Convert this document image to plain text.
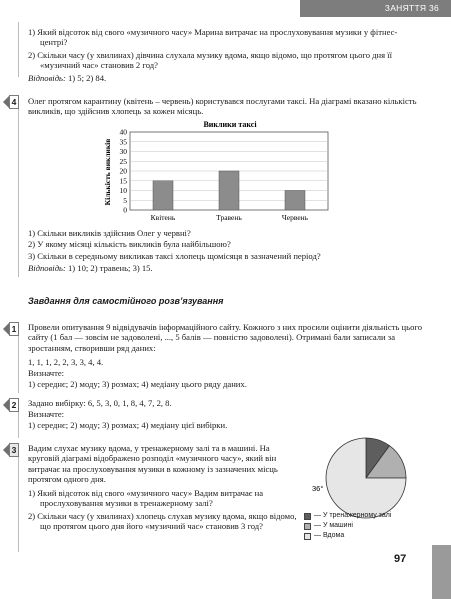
ЗАНЯТТЯ 36
1) Який відсоток від свого «музичного часу» Марина витрачає на прослуховування музики у фітнес-центрі?
2) Скільки часу (у хвилинах) дівчина слухала музику вдома, якщо відомо, що протягом цього дня її «музичний час» становив 2 год?
Відповідь: 1) 5; 2) 84.
4	Олег протягом карантину (квітень – червень) користувався послугами таксі. На діаграмі вказано кількість викликів, що здійснив хлопець за кожен місяць.
Виклики таксі
0
5
10
15
20
25
30
35
40
Квітень	Травень	Червень
Кількість викликів
1) Скільки викликів здійснив Олег у червні?
2) У якому місяці кількість викликів була найбільшою?
3) Скільки в середньому викликав таксі хлопець щомісяця в зазначений період?
Відповідь: 1) 10; 2) травень; 3) 15.
Завдання для самостійного розв’язування
1	Провели опитування 9 відвідувачів інформаційного сайту. Кожного з них просили оцінити діяльність цього сайту (1 бал — зовсім не задоволені, ..., 5 балів — повністю задоволені). Отримані бали записали за зростанням, створивши ряд даних:
1, 1, 1, 2, 2, 3, 3, 4, 4.
Визначте:
1) середнє; 2) моду; 3) розмах; 4) медіану цього ряду даних.
2	Задано вибірку: 6, 5, 3, 0, 1, 8, 4, 7, 2, 8.
Визначте:
1) середнє; 2) моду; 3) розмах; 4) медіану цієї вибірки.
3	Вадим слухає музику вдома, у тренажерному залі та в машині. На круговій діаграмі відображено розподіл «музичного часу», який він витрачає на прослуховування музики в кожному із зазначених місць протягом одного дня.
1) Який відсоток від свого «музичного часу» Вадим витрачає на прослуховування музики в тренажерному залі?
2) Скільки часу (у хвилинах) хлопець слухав музику вдома, якщо відомо, що протягом цього дня його «музичний час» становив 3 год?
36°
— У тренажерному залі
— У машині
— Вдома
97
